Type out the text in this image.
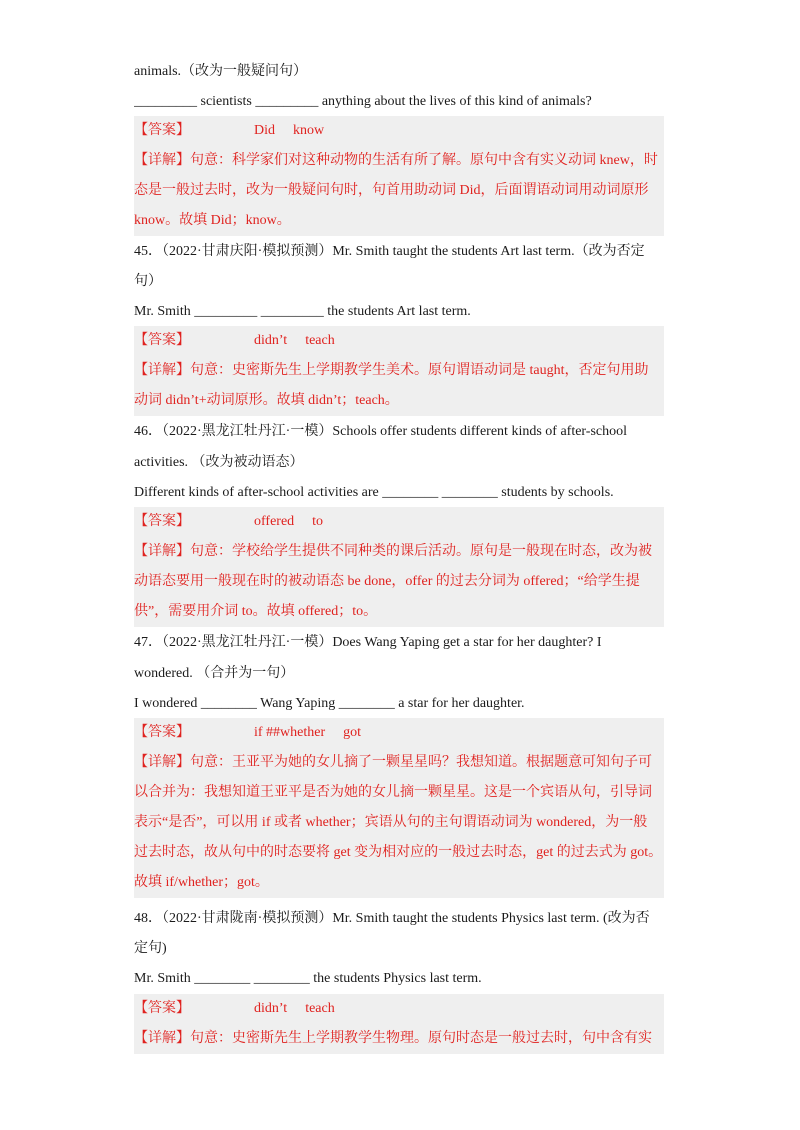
animals.（改为一般疑问句）
_________ scientists _________ anything about the lives of this kind of animals?
【答案】	Did know
【详解】句意：科学家们对这种动物的生活有所了解。原句中含有实义动词 knew，时
态是一般过去时，改为一般疑问句时，句首用助动词 Did，后面谓语动词用动词原形
know。故填 Did；know。
45．（2022·甘肃庆阳·模拟预测）Mr. Smith taught the students Art last term.（改为否定
句）
Mr. Smith _________ _________ the students Art last term.
【答案】	didn’t teach
【详解】句意：史密斯先生上学期教学生美术。原句谓语动词是 taught，否定句用助
动词 didn’t+动词原形。故填 didn’t；teach。
46．（2022·黑龙江牡丹江·一模）Schools offer students different kinds of after-school
activities. （改为被动语态）
Different kinds of after-school activities are ________ ________ students by schools.
【答案】	offered to
【详解】句意：学校给学生提供不同种类的课后活动。原句是一般现在时态，改为被
动语态要用一般现在时的被动语态 be done，offer 的过去分词为 offered；“给学生提
供”，需要用介词 to。故填 offered；to。
47．（2022·黑龙江牡丹江·一模）Does Wang Yaping get a star for her daughter? I
wondered. （合并为一句）
I wondered ________ Wang Yaping ________ a star for her daughter.
【答案】	if ##whether got
【详解】句意：王亚平为她的女儿摘了一颗星星吗？我想知道。根据题意可知句子可
以合并为：我想知道王亚平是否为她的女儿摘一颗星星。这是一个宾语从句，引导词
表示“是否”，可以用 if 或者 whether；宾语从句的主句谓语动词为 wondered，为一般
过去时态，故从句中的时态要将 get 变为相对应的一般过去时态，get 的过去式为 got。
故填 if/whether；got。
48．（2022·甘肃陇南·模拟预测）Mr. Smith taught the students Physics last term. (改为否
定句)
Mr. Smith ________ ________ the students Physics last term.
【答案】	didn’t teach
【详解】句意：史密斯先生上学期教学生物理。原句时态是一般过去时，句中含有实
